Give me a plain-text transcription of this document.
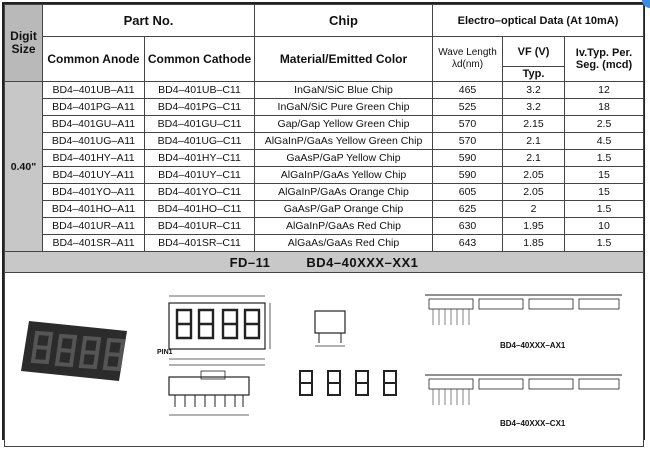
Digit Size	Part No.		Chip	Electro–optical Data (At 10mA)		
	Common Anode	Common Cathode	Material/Emitted Color	Wave Length λd(nm)	VF (V)	Iv.Typ. Per. Seg. (mcd)
					Typ.	
0.40"	BD4–401UB–A11	BD4–401UB–C11	InGaN/SiC Blue Chip	465	3.2	12
	BD4–401PG–A11	BD4–401PG–C11	InGaN/SiC Pure Green Chip	525	3.2	18
	BD4–401GU–A11	BD4–401GU–C11	Gap/Gap Yellow Green Chip	570	2.15	2.5
	BD4–401UG–A11	BD4–401UG–C11	AlGaInP/GaAs Yellow Green Chip	570	2.1	4.5
	BD4–401HY–A11	BD4–401HY–C11	GaAsP/GaP Yellow Chip	590	2.1	1.5
	BD4–401UY–A11	BD4–401UY–C11	AlGaInP/GaAs Yellow Chip	590	2.05	15
	BD4–401YO–A11	BD4–401YO–C11	AlGaInP/GaAs Orange Chip	605	2.05	15
	BD4–401HO–A11	BD4–401HO–C11	GaAsP/GaP Orange Chip	625	2	1.5
	BD4–401UR–A11	BD4–401UR–C11	AlGaInP/GaAs Red Chip	630	1.95	10
	BD4–401SR–A11	BD4–401SR–C11	AlGaAs/GaAs Red Chip	643	1.85	1.5
FD–11 BD4–40XXX–XX1						

PIN1
BD4–40XXX–AX1
BD4–40XXX–CX1						
